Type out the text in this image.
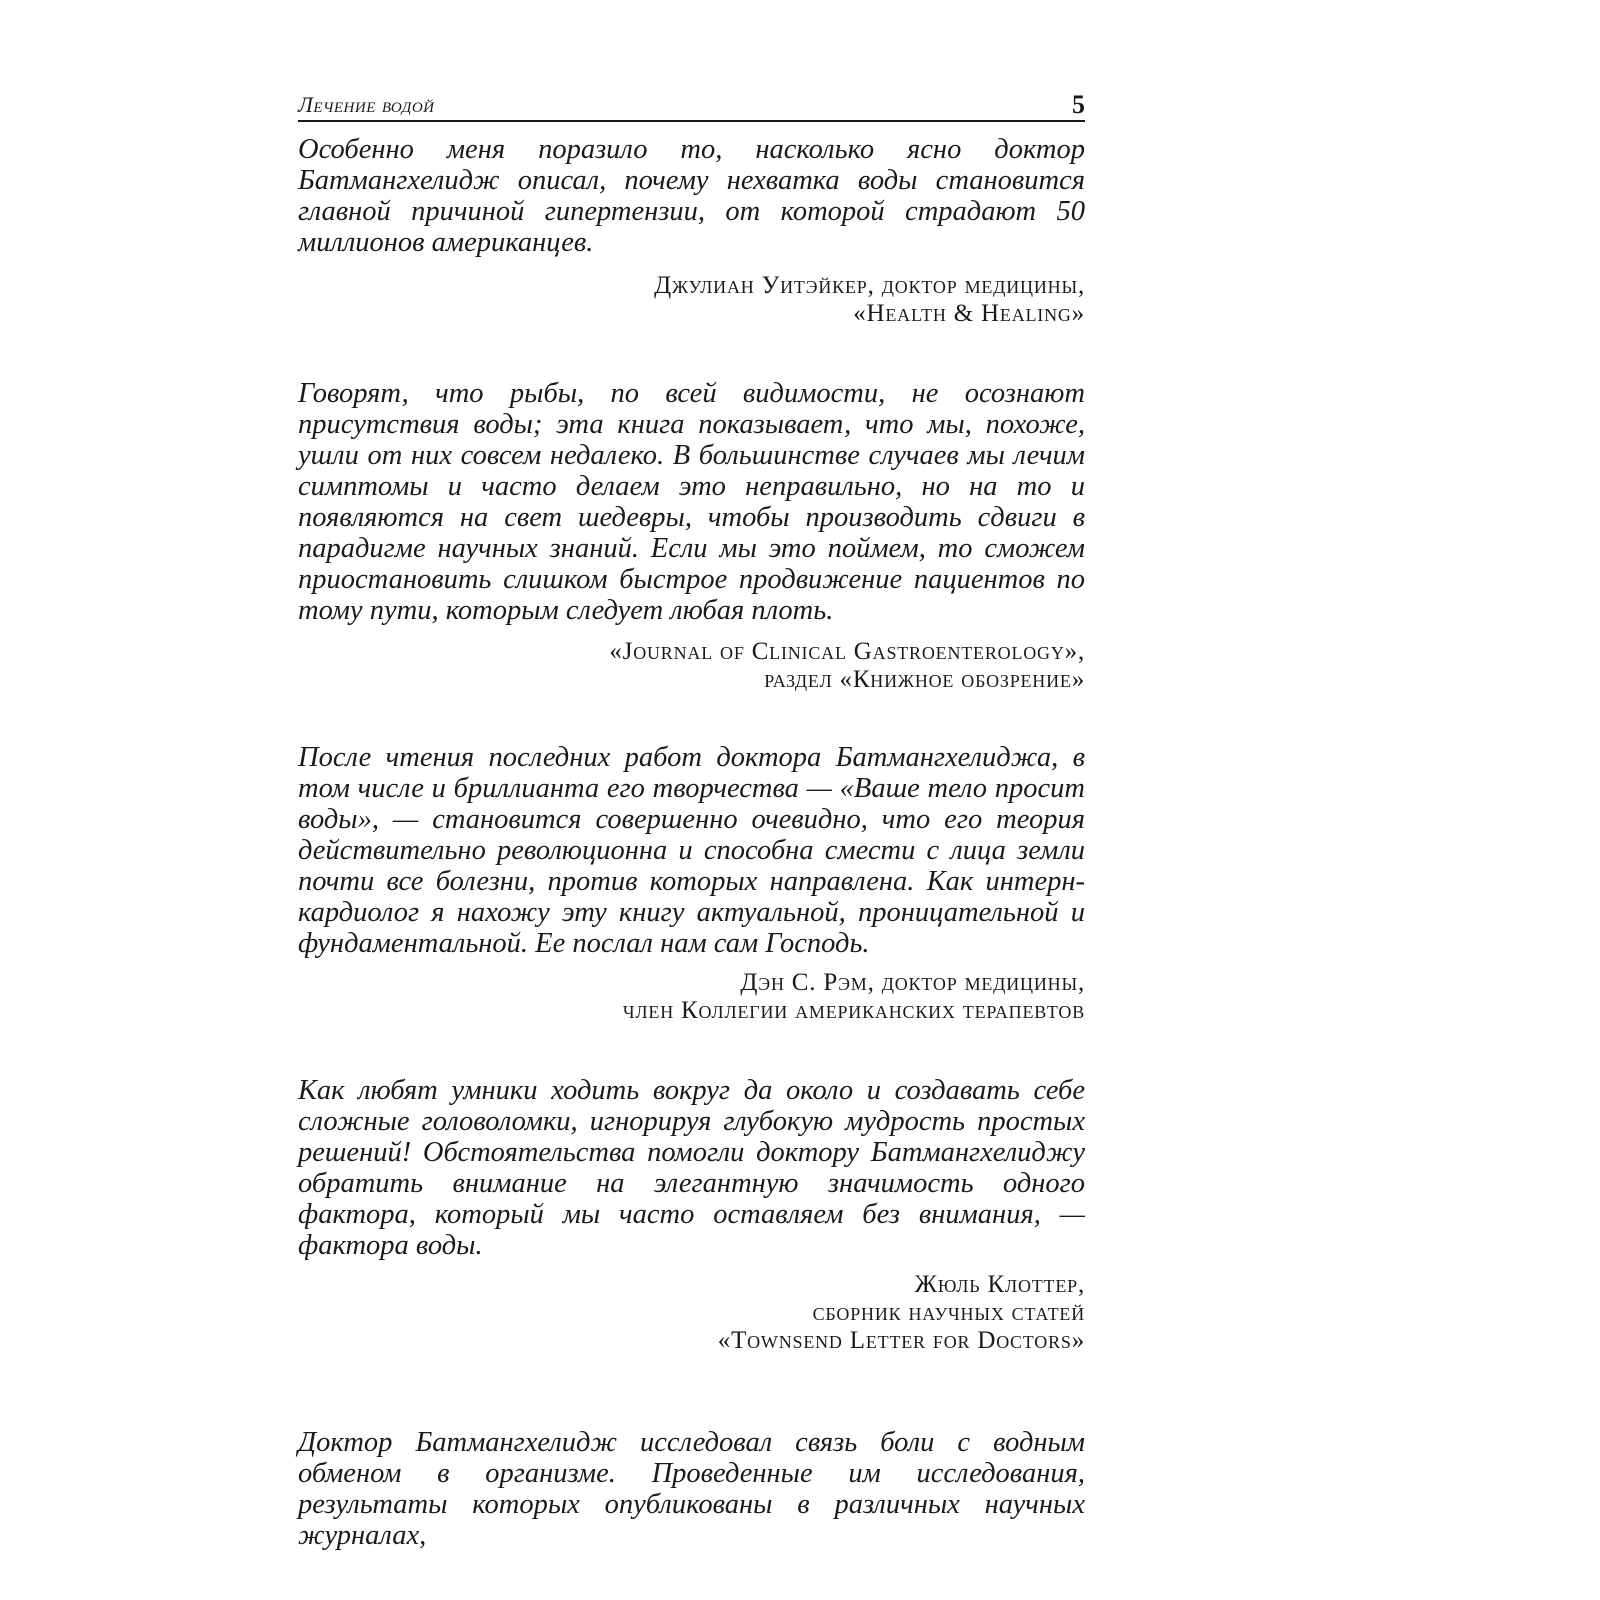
Лечение водой	5

Особенно меня поразило то, насколько ясно доктор Батмангхелидж описал, почему нехватка воды становится главной причиной гипертензии, от которой страдают 50 миллионов американцев.

Джулиан Уитэйкер, доктор медицины,
«Health & Healing»

Говорят, что рыбы, по всей видимости, не осознают присутствия воды; эта книга показывает, что мы, похоже, ушли от них совсем недалеко. В большинстве случаев мы лечим симптомы и часто делаем это неправильно, но на то и появляются на свет шедевры, чтобы производить сдвиги в парадигме научных знаний. Если мы это поймем, то сможем приостановить слишком быстрое продвижение пациентов по тому пути, которым следует любая плоть.

«Journal of Clinical Gastroenterology»,
раздел «Книжное обозрение»

После чтения последних работ доктора Батмангхелиджа, в том числе и бриллианта его творчества — «Ваше тело просит воды», — становится совершенно очевидно, что его теория действительно революционна и способна смести с лица земли почти все болезни, против которых направлена. Как интерн-кардиолог я нахожу эту книгу актуальной, проницательной и фундаментальной. Ее послал нам сам Господь.

Дэн С. Рэм, доктор медицины,
член Коллегии американских терапевтов

Как любят умники ходить вокруг да около и создавать себе сложные головоломки, игнорируя глубокую мудрость простых решений! Обстоятельства помогли доктору Батмангхелиджу обратить внимание на элегантную значимость одного фактора, который мы часто оставляем без внимания, — фактора воды.

Жюль Клоттер,
сборник научных статей
«Townsend Letter for Doctors»

Доктор Батмангхелидж исследовал связь боли с водным обменом в организме. Проведенные им исследования, результаты которых опубликованы в различных научных журналах,
